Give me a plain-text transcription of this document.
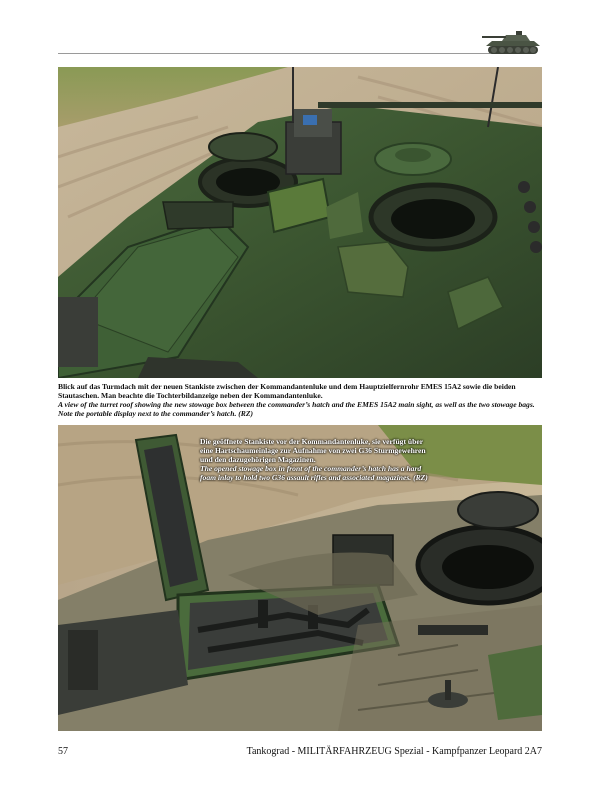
Blick auf das Turmdach mit der neuen Stankiste zwischen der Kommandantenluke und dem Hauptzielfernrohr EMES 15A2 sowie die beiden Stautaschen. Man beachte die Tochterbildanzeige neben der Kommandantenluke.

A view of the turret roof showing the new stowage box between the commander’s hatch and the EMES 15A2 main sight, as well as the two stowage bags. Note the portable display next to the commander’s hatch. (RZ)

Die geöffnete Stankiste vor der Kommandantenluke, sie verfügt über eine Hartschaumeinlage zur Aufnahme von zwei G36 Sturmgewehren und den dazugehörigen Magazinen.

The opened stowage box in front of the commander’s hatch has a hard foam inlay to hold two G36 assault rifles and associated magazines. (RZ)

57	Tankograd - MILITÄRFAHRZEUG Spezial - Kampfpanzer Leopard 2A7
